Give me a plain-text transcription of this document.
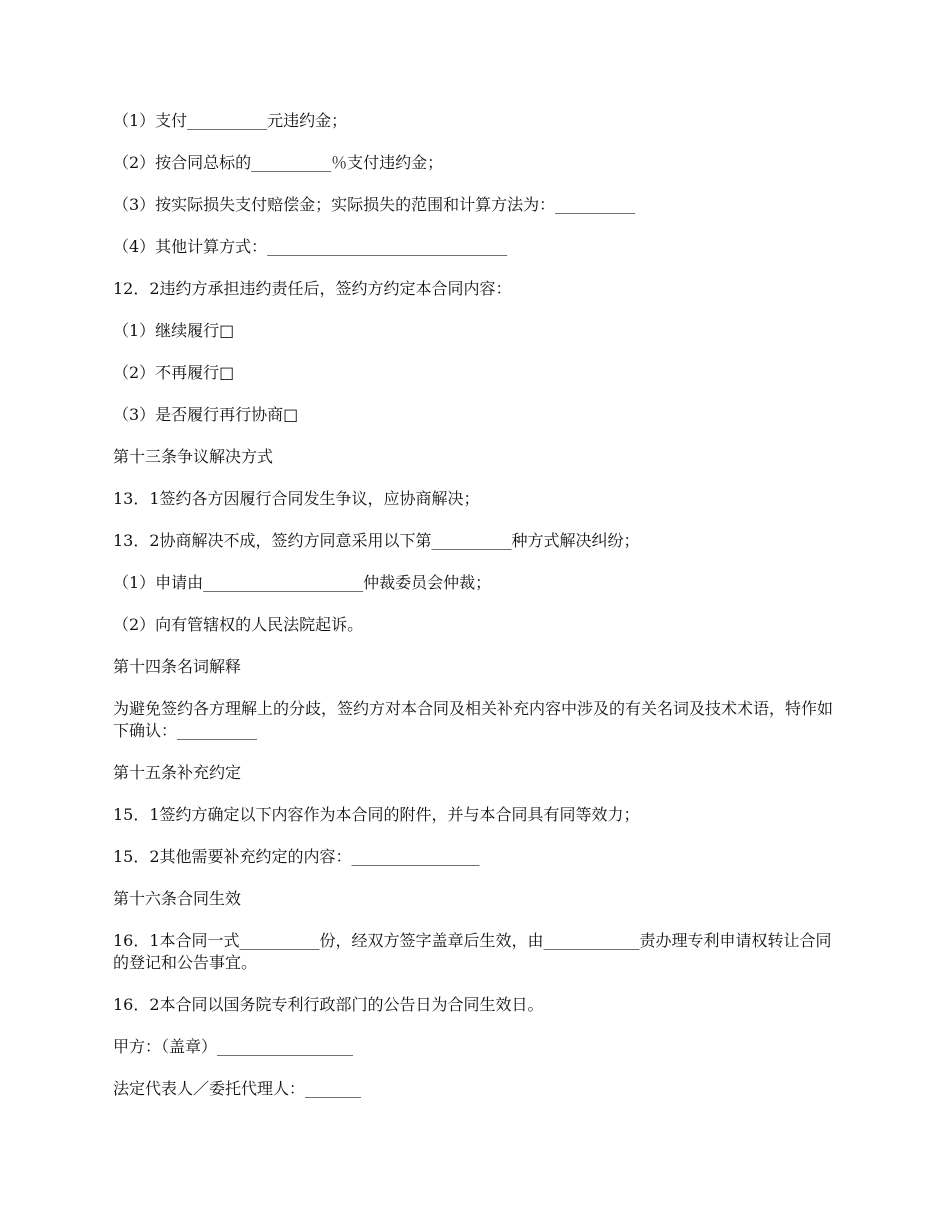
（1）支付__________元违约金；

（2）按合同总标的__________％支付违约金；

（3）按实际损失支付赔偿金；实际损失的范围和计算方法为：__________

（4）其他计算方式：______________________________

12．2违约方承担违约责任后，签约方约定本合同内容：

（1）继续履行□

（2）不再履行□

（3）是否履行再行协商□

第十三条争议解决方式

13．1签约各方因履行合同发生争议，应协商解决；

13．2协商解决不成，签约方同意采用以下第__________种方式解决纠纷；

（1）申请由____________________仲裁委员会仲裁；

（2）向有管辖权的人民法院起诉。

第十四条名词解释

为避免签约各方理解上的分歧，签约方对本合同及相关补充内容中涉及的有关名词及技术术语，特作如下确认：__________

第十五条补充约定

15．1签约方确定以下内容作为本合同的附件，并与本合同具有同等效力；

15．2其他需要补充约定的内容：________________

第十六条合同生效

16．1本合同一式__________份，经双方签字盖章后生效，由____________责办理专利申请权转让合同的登记和公告事宜。

16．2本合同以国务院专利行政部门的公告日为合同生效日。

甲方：（盖章）_________________

法定代表人／委托代理人：_______
